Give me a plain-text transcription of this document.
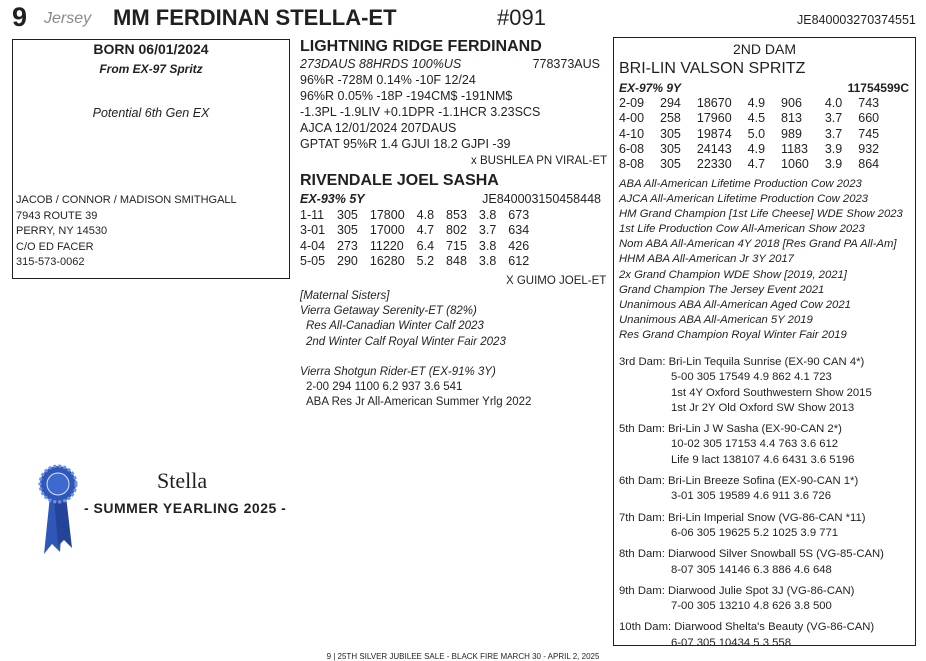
9 Jersey MM FERDINAN STELLA-ET	#091	JE840003270374551
BORN 06/01/2024
From EX-97 Spritz
Potential 6th Gen EX
JACOB / CONNOR / MADISON SMITHGALL
7943 ROUTE 39
PERRY, NY 14530
C/O ED FACER
315-573-0062
LIGHTNING RIDGE FERDINAND
273DAUS 88HRDS 100%US	778373AUS
96%R -728M 0.14% -10F 12/24
96%R 0.05% -18P -194CM$ -191NM$
-1.3PL -1.9LIV +0.1DPR -1.1HCR 3.23SCS
AJCA 12/01/2024 207DAUS
GPTAT 95%R 1.4 GJUI 18.2 GJPI -39
x BUSHLEA PN VIRAL-ET
RIVENDALE JOEL SASHA
EX-93% 5Y	JE840003150458448
1-11	305	17800	4.8	853	3.8	673
3-01	305	17000	4.7	802	3.7	634
4-04	273	11220	6.4	715	3.8	426
5-05	290	16280	5.2	848	3.8	612
X GUIMO JOEL-ET
[Maternal Sisters]
Vierra Getaway Serenity-ET (82%)
Res All-Canadian Winter Calf 2023
2nd Winter Calf Royal Winter Fair 2023
Vierra Shotgun Rider-ET (EX-91% 3Y)
2-00 294 1100 6.2 937 3.6 541
ABA Res Jr All-American Summer Yrlg 2022
2ND DAM
BRI-LIN VALSON SPRITZ
EX-97% 9Y	11754599C
2-09	294	18670	4.9	906	4.0	743
4-00	258	17960	4.5	813	3.7	660
4-10	305	19874	5.0	989	3.7	745
6-08	305	24143	4.9	1183	3.9	932
8-08	305	22330	4.7	1060	3.9	864
ABA All-American Lifetime Production Cow 2023
AJCA All-American Lifetime Production Cow 2023
HM Grand Champion [1st Life Cheese] WDE Show 2023
1st Life Production Cow All-American Show 2023
Nom ABA All-American 4Y 2018 [Res Grand PA All-Am]
HHM ABA All-American Jr 3Y 2017
2x Grand Champion WDE Show [2019, 2021]
Grand Champion The Jersey Event 2021
Unanimous ABA All-American Aged Cow 2021
Unanimous ABA All-American 5Y 2019
Res Grand Champion Royal Winter Fair 2019
3rd Dam: Bri-Lin Tequila Sunrise (EX-90 CAN 4*)
5-00 305 17549 4.9 862 4.1 723
1st 4Y Oxford Southwestern Show 2015
1st Jr 2Y Old Oxford SW Show 2013
5th Dam: Bri-Lin J W Sasha (EX-90-CAN 2*)
10-02 305 17153 4.4 763 3.6 612
Life 9 lact 138107 4.6 6431 3.6 5196
6th Dam: Bri-Lin Breeze Sofina (EX-90-CAN 1*)
3-01 305 19589 4.6 911 3.6 726
7th Dam: Bri-Lin Imperial Snow (VG-86-CAN *11)
6-06 305 19625 5.2 1025 3.9 771
8th Dam: Diarwood Silver Snowball 5S (VG-85-CAN)
8-07 305 14146 6.3 886 4.6 648
9th Dam: Diarwood Julie Spot 3J (VG-86-CAN)
7-00 305 13210 4.8 626 3.8 500
10th Dam: Diarwood Shelta's Beauty (VG-86-CAN)
6-07 305 10434 5.3 558
Stella
- SUMMER YEARLING 2025 -
9 | 25TH SILVER JUBILEE SALE - BLACK FIRE MARCH 30 - APRIL 2, 2025
